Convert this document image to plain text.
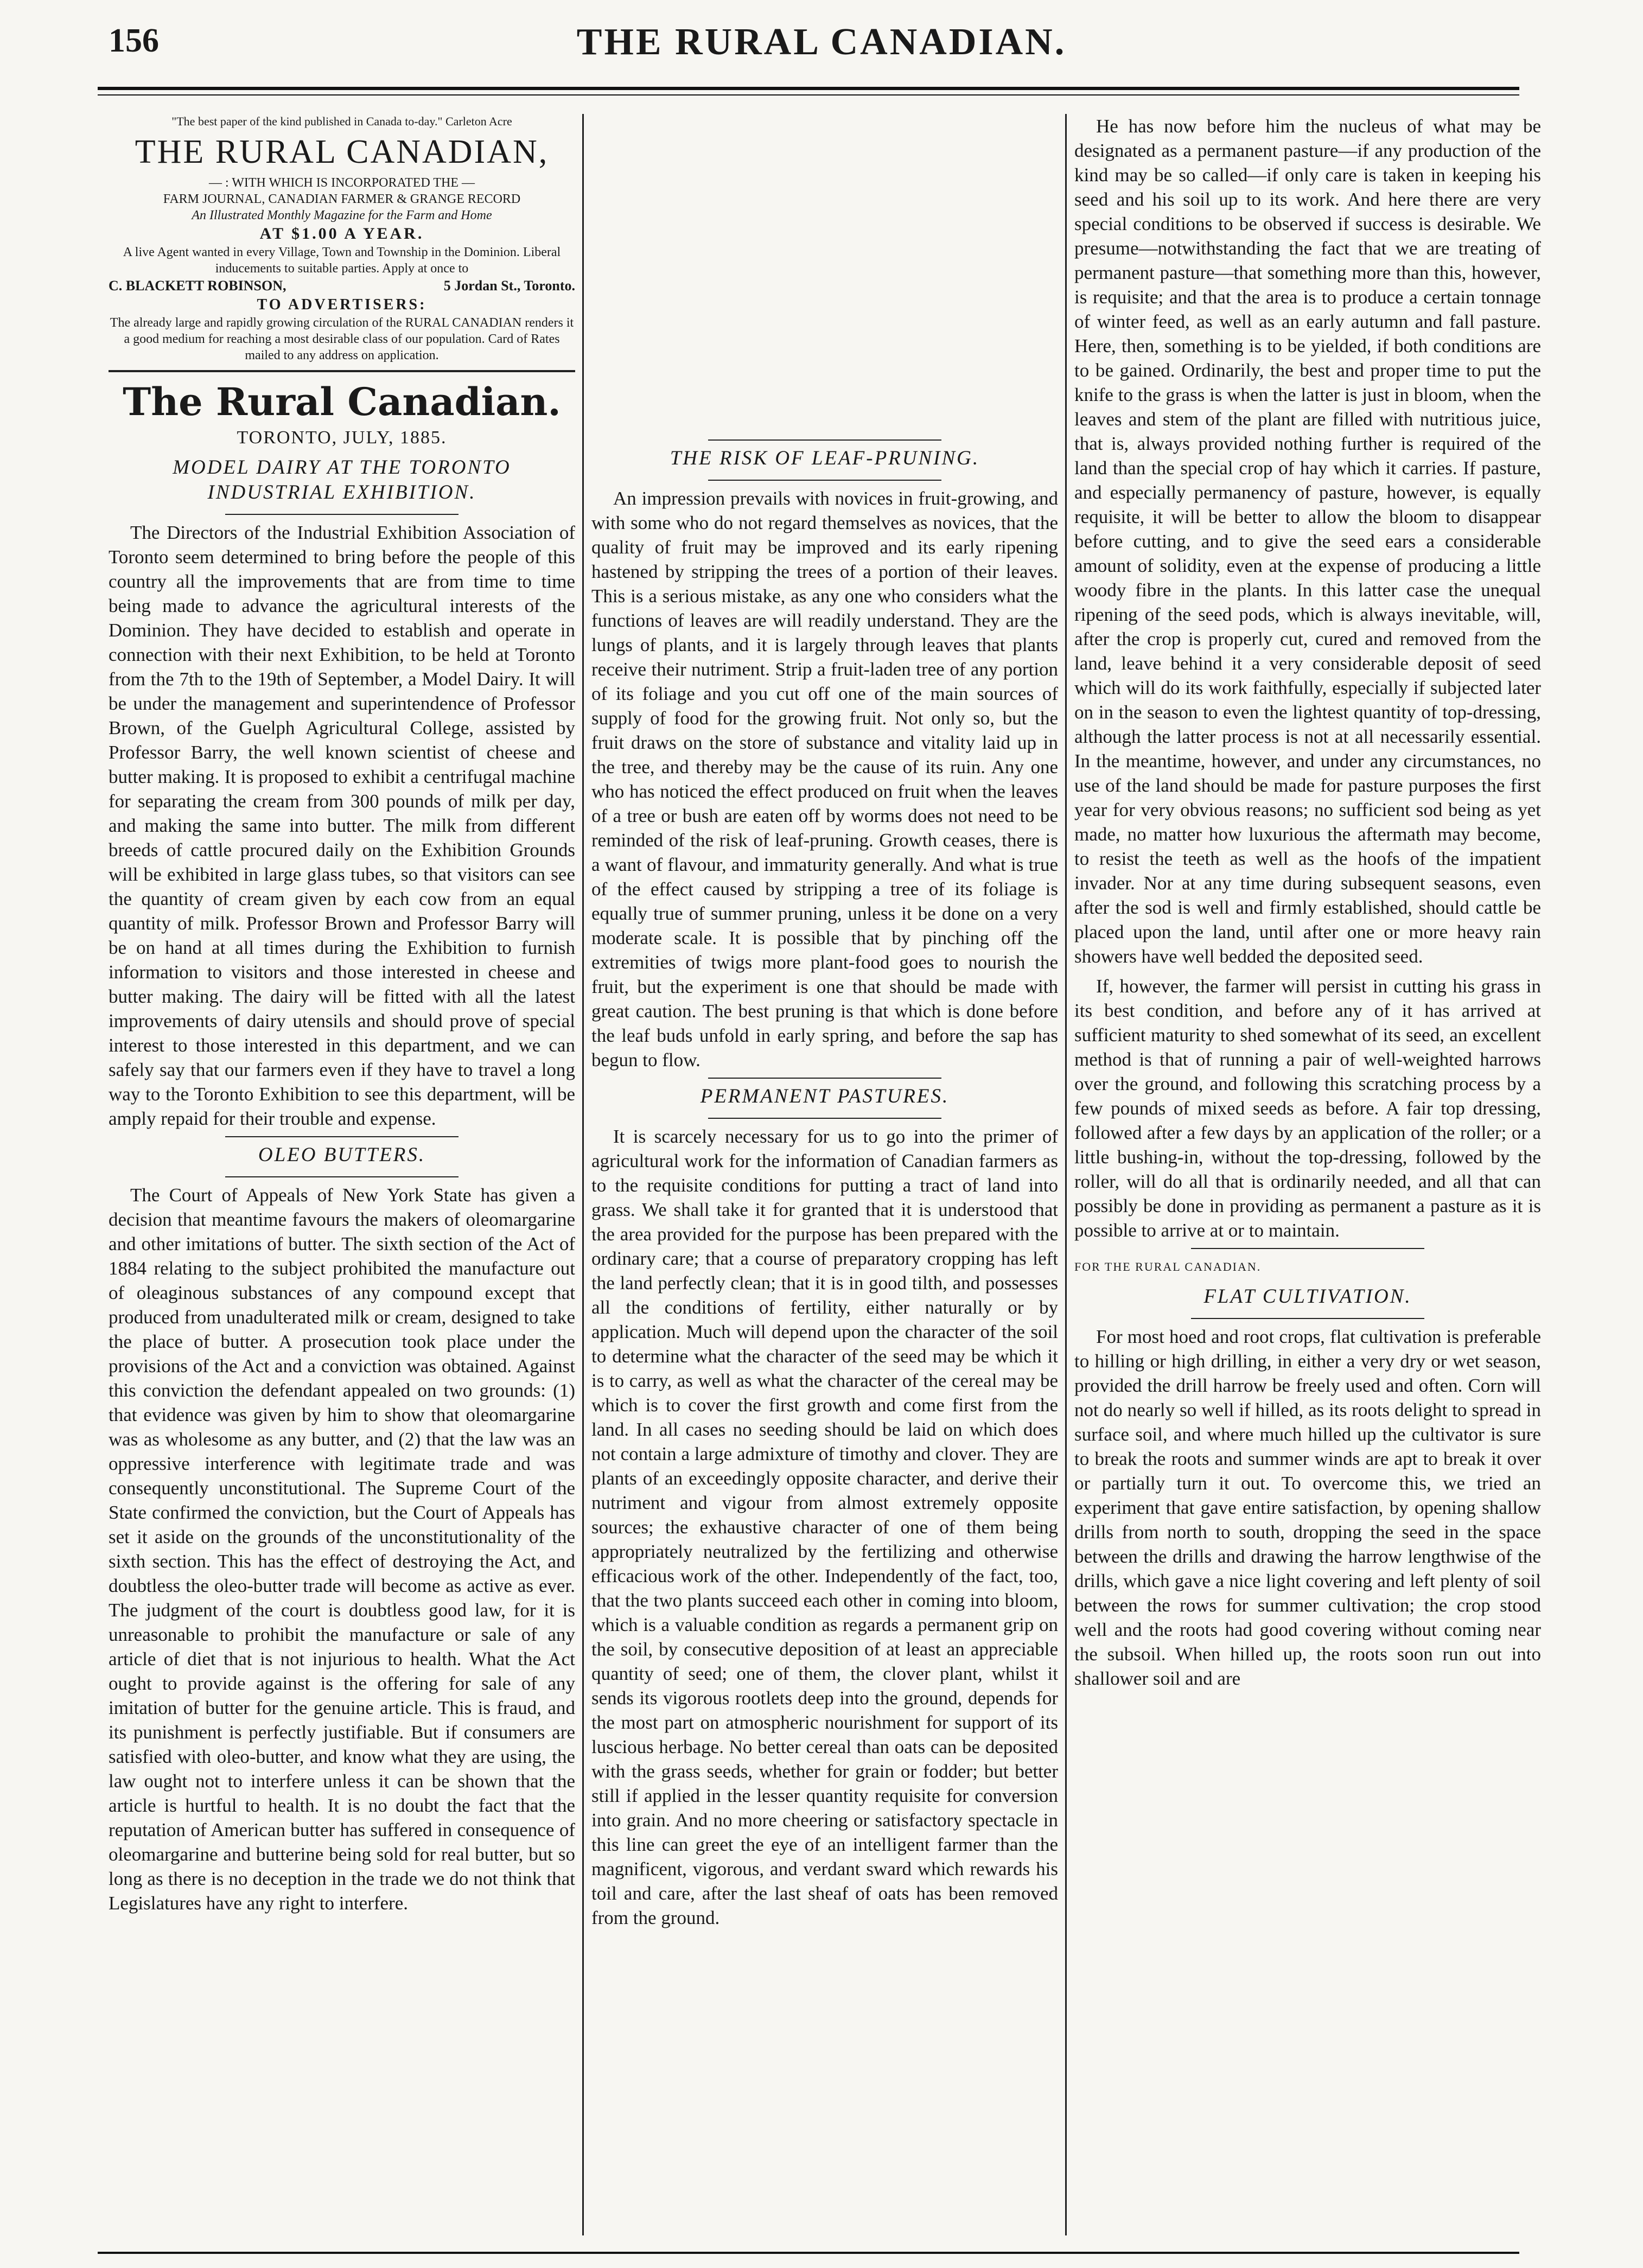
156	THE RURAL CANADIAN.
"The best paper of the kind published in Canada to-day." Carleton Acre
THE RURAL CANADIAN,
— : WITH WHICH IS INCORPORATED THE —
FARM JOURNAL, CANADIAN FARMER & GRANGE RECORD
An Illustrated Monthly Magazine for the Farm and Home
AT $1.00 A YEAR.
A live Agent wanted in every Village, Town and Township in the Dominion. Liberal inducements to suitable parties. Apply at once to
C. BLACKETT ROBINSON,	5 Jordan St., Toronto.
TO ADVERTISERS:
The already large and rapidly growing circulation of the RURAL CANADIAN renders it a good medium for reaching a most desirable class of our population. Card of Rates mailed to any address on application.
The Rural Canadian.
TORONTO, JULY, 1885.
MODEL DAIRY AT THE TORONTO INDUSTRIAL EXHIBITION.

The Directors of the Industrial Exhibition Association of Toronto seem determined to bring before the people of this country all the improvements that are from time to time being made to advance the agricultural interests of the Dominion. They have decided to establish and operate in connection with their next Exhibition, to be held at Toronto from the 7th to the 19th of September, a Model Dairy. It will be under the management and superintendence of Professor Brown, of the Guelph Agricultural College, assisted by Professor Barry, the well known scientist of cheese and butter making. It is proposed to exhibit a centrifugal machine for separating the cream from 300 pounds of milk per day, and making the same into butter. The milk from different breeds of cattle procured daily on the Exhibition Grounds will be exhibited in large glass tubes, so that visitors can see the quantity of cream given by each cow from an equal quantity of milk. Professor Brown and Professor Barry will be on hand at all times during the Exhibition to furnish information to visitors and those interested in cheese and butter making. The dairy will be fitted with all the latest improvements of dairy utensils and should prove of special interest to those interested in this department, and we can safely say that our farmers even if they have to travel a long way to the Toronto Exhibition to see this department, will be amply repaid for their trouble and expense.

OLEO BUTTERS.

The Court of Appeals of New York State has given a decision that meantime favours the makers of oleomargarine and other imitations of butter. The sixth section of the Act of 1884 relating to the subject prohibited the manufacture out of oleaginous substances of any compound except that produced from unadulterated milk or cream, designed to take the place of butter. A prosecution took place under the provisions of the Act and a conviction was obtained. Against this conviction the defendant appealed on two grounds: (1) that evidence was given by him to show that oleomargarine was as wholesome as any butter, and (2) that the law was an oppressive interference with legitimate trade and was consequently unconstitutional. The Supreme Court of the State confirmed the conviction, but the Court of Appeals has set it aside on the grounds of the unconstitutionality of the sixth section. This has the effect of destroying the Act, and doubtless the oleo-butter trade will become as active as ever. The judgment of the court is doubtless good law, for it is unreasonable to prohibit the manufacture or sale of any article of diet that is not injurious to health. What the Act ought to provide against is the offering for sale of any imitation of butter for the genuine article. This is fraud, and its punishment is perfectly justifiable. But if consumers are satisfied with oleo-butter, and know what they are using, the law ought not to interfere unless it can be shown that the article is hurtful to health. It is no doubt the fact that the reputation of American butter has suffered in consequence of oleomargarine and butterine being sold for real butter, but so long as there is no deception in the trade we do not think that Legislatures have any right to interfere.

THE RISK OF LEAF-PRUNING.

An impression prevails with novices in fruit-growing, and with some who do not regard themselves as novices, that the quality of fruit may be improved and its early ripening hastened by stripping the trees of a portion of their leaves. This is a serious mistake, as any one who considers what the functions of leaves are will readily understand. They are the lungs of plants, and it is largely through leaves that plants receive their nutriment. Strip a fruit-laden tree of any portion of its foliage and you cut off one of the main sources of supply of food for the growing fruit. Not only so, but the fruit draws on the store of substance and vitality laid up in the tree, and thereby may be the cause of its ruin. Any one who has noticed the effect produced on fruit when the leaves of a tree or bush are eaten off by worms does not need to be reminded of the risk of leaf-pruning. Growth ceases, there is a want of flavour, and immaturity generally. And what is true of the effect caused by stripping a tree of its foliage is equally true of summer pruning, unless it be done on a very moderate scale. It is possible that by pinching off the extremities of twigs more plant-food goes to nourish the fruit, but the experiment is one that should be made with great caution. The best pruning is that which is done before the leaf buds unfold in early spring, and before the sap has begun to flow.

PERMANENT PASTURES.

It is scarcely necessary for us to go into the primer of agricultural work for the information of Canadian farmers as to the requisite conditions for putting a tract of land into grass. We shall take it for granted that it is understood that the area provided for the purpose has been prepared with the ordinary care; that a course of preparatory cropping has left the land perfectly clean; that it is in good tilth, and possesses all the conditions of fertility, either naturally or by application. Much will depend upon the character of the soil to determine what the character of the seed may be which it is to carry, as well as what the character of the cereal may be which is to cover the first growth and come first from the land. In all cases no seeding should be laid on which does not contain a large admixture of timothy and clover. They are plants of an exceedingly opposite character, and derive their nutriment and vigour from almost extremely opposite sources; the exhaustive character of one of them being appropriately neutralized by the fertilizing and otherwise efficacious work of the other. Independently of the fact, too, that the two plants succeed each other in coming into bloom, which is a valuable condition as regards a permanent grip on the soil, by consecutive deposition of at least an appreciable quantity of seed; one of them, the clover plant, whilst it sends its vigorous rootlets deep into the ground, depends for the most part on atmospheric nourishment for support of its luscious herbage. No better cereal than oats can be deposited with the grass seeds, whether for grain or fodder; but better still if applied in the lesser quantity requisite for conversion into grain. And no more cheering or satisfactory spectacle in this line can greet the eye of an intelligent farmer than the magnificent, vigorous, and verdant sward which rewards his toil and care, after the last sheaf of oats has been removed from the ground.

He has now before him the nucleus of what may be designated as a permanent pasture—if any production of the kind may be so called—if only care is taken in keeping his seed and his soil up to its work. And here there are very special conditions to be observed if success is desirable. We presume—notwithstanding the fact that we are treating of permanent pasture—that something more than this, however, is requisite; and that the area is to produce a certain tonnage of winter feed, as well as an early autumn and fall pasture. Here, then, something is to be yielded, if both conditions are to be gained. Ordinarily, the best and proper time to put the knife to the grass is when the latter is just in bloom, when the leaves and stem of the plant are filled with nutritious juice, that is, always provided nothing further is required of the land than the special crop of hay which it carries. If pasture, and especially permanency of pasture, however, is equally requisite, it will be better to allow the bloom to disappear before cutting, and to give the seed ears a considerable amount of solidity, even at the expense of producing a little woody fibre in the plants. In this latter case the unequal ripening of the seed pods, which is always inevitable, will, after the crop is properly cut, cured and removed from the land, leave behind it a very considerable deposit of seed which will do its work faithfully, especially if subjected later on in the season to even the lightest quantity of top-dressing, although the latter process is not at all necessarily essential. In the meantime, however, and under any circumstances, no use of the land should be made for pasture purposes the first year for very obvious reasons; no sufficient sod being as yet made, no matter how luxurious the aftermath may become, to resist the teeth as well as the hoofs of the impatient invader. Nor at any time during subsequent seasons, even after the sod is well and firmly established, should cattle be placed upon the land, until after one or more heavy rain showers have well bedded the deposited seed.

If, however, the farmer will persist in cutting his grass in its best condition, and before any of it has arrived at sufficient maturity to shed somewhat of its seed, an excellent method is that of running a pair of well-weighted harrows over the ground, and following this scratching process by a few pounds of mixed seeds as before. A fair top dressing, followed after a few days by an application of the roller; or a little bushing-in, without the top-dressing, followed by the roller, will do all that is ordinarily needed, and all that can possibly be done in providing as permanent a pasture as it is possible to arrive at or to maintain.

FOR THE RURAL CANADIAN.

FLAT CULTIVATION.

For most hoed and root crops, flat cultivation is preferable to hilling or high drilling, in either a very dry or wet season, provided the drill harrow be freely used and often. Corn will not do nearly so well if hilled, as its roots delight to spread in surface soil, and where much hilled up the cultivator is sure to break the roots and summer winds are apt to break it over or partially turn it out. To overcome this, we tried an experiment that gave entire satisfaction, by opening shallow drills from north to south, dropping the seed in the space between the drills and drawing the harrow lengthwise of the drills, which gave a nice light covering and left plenty of soil between the rows for summer cultivation; the crop stood well and the roots had good covering without coming near the subsoil. When hilled up, the roots soon run out into shallower soil and are
